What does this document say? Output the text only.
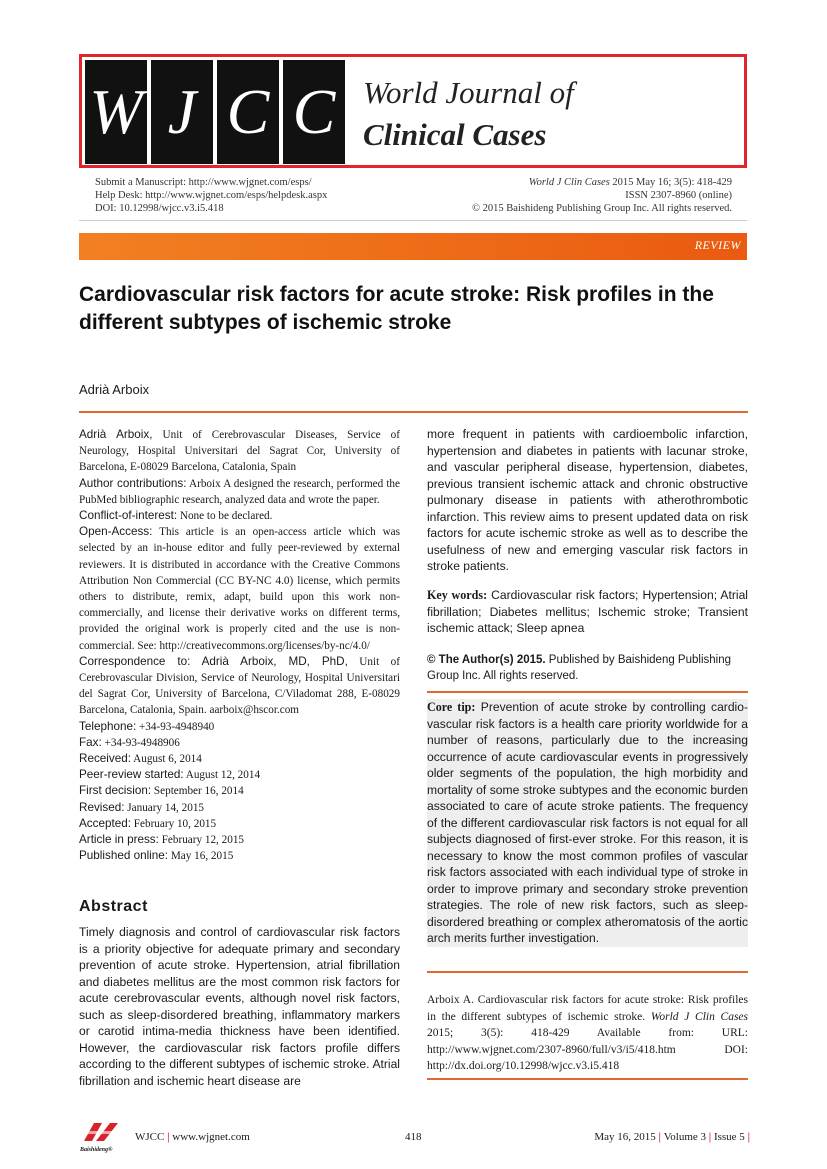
W J C C World Journal of
Clinical Cases
Submit a Manuscript: http://www.wjgnet.com/esps/
Help Desk: http://www.wjgnet.com/esps/helpdesk.aspx
DOI: 10.12998/wjcc.v3.i5.418
World J Clin Cases 2015 May 16; 3(5): 418-429
ISSN 2307-8960 (online)
© 2015 Baishideng Publishing Group Inc. All rights reserved.
REVIEW
Cardiovascular risk factors for acute stroke: Risk profiles in the different subtypes of ischemic stroke
Adrià Arboix
Adrià Arboix, Unit of Cerebrovascular Diseases, Service of Neurology, Hospital Universitari del Sagrat Cor, University of Barcelona, E-08029 Barcelona, Catalonia, Spain
Author contributions: Arboix A designed the research, performed the PubMed bibliographic research, analyzed data and wrote the paper.
Conflict-of-interest: None to be declared.
Open-Access: This article is an open-access article which was selected by an in-house editor and fully peer-reviewed by external reviewers. It is distributed in accordance with the Creative Commons Attribution Non Commercial (CC BY-NC 4.0) license, which permits others to distribute, remix, adapt, build upon this work non-commercially, and license their derivative works on different terms, provided the original work is properly cited and the use is non-commercial. See: http://creativecommons.org/licenses/by-nc/4.0/
Correspondence to: Adrià Arboix, MD, PhD, Unit of Cerebrovascular Division, Service of Neurology, Hospital Universitari del Sagrat Cor, University of Barcelona, C/Viladomat 288, E-08029 Barcelona, Catalonia, Spain. aarboix@hscor.com
Telephone: +34-93-4948940
Fax: +34-93-4948906
Received: August 6, 2014
Peer-review started: August 12, 2014
First decision: September 16, 2014
Revised: January 14, 2015
Accepted: February 10, 2015
Article in press: February 12, 2015
Published online: May 16, 2015
Abstract
Timely diagnosis and control of cardiovascular risk factors is a priority objective for adequate primary and secondary prevention of acute stroke. Hypertension, atrial fibrillation and diabetes mellitus are the most common risk factors for acute cerebrovascular events, although novel risk factors, such as sleep-disordered breathing, inflammatory markers or carotid intima-media thickness have been identified. However, the cardiovascular risk factors profile differs according to the different subtypes of ischemic stroke. Atrial fibrillation and ischemic heart disease are
more frequent in patients with cardioembolic infarction, hypertension and diabetes in patients with lacunar stroke, and vascular peripheral disease, hypertension, diabetes, previous transient ischemic attack and chronic obstructive pulmonary disease in patients with atherothrombotic infarction. This review aims to present updated data on risk factors for acute ischemic stroke as well as to describe the usefulness of new and emerging vascular risk factors in stroke patients.
Key words: Cardiovascular risk factors; Hypertension; Atrial fibrillation; Diabetes mellitus; Ischemic stroke; Transient ischemic attack; Sleep apnea
© The Author(s) 2015. Published by Baishideng Publishing Group Inc. All rights reserved.
Core tip: Prevention of acute stroke by controlling cardio-vascular risk factors is a health care priority worldwide for a number of reasons, particularly due to the increasing occurrence of acute cardiovascular events in progressively older segments of the population, the high morbidity and mortality of some stroke subtypes and the economic burden associated to care of acute stroke patients. The frequency of the different cardiovascular risk factors is not equal for all subjects diagnosed of first-ever stroke. For this reason, it is necessary to know the most common profiles of vascular risk factors associated with each individual type of stroke in order to improve primary and secondary stroke prevention strategies. The role of new risk factors, such as sleep-disordered breathing or complex atheromatosis of the aortic arch merits further investigation.
Arboix A. Cardiovascular risk factors for acute stroke: Risk profiles in the different subtypes of ischemic stroke. World J Clin Cases 2015; 3(5): 418-429 Available from: URL: http://www.wjgnet.com/2307-8960/full/v3/i5/418.htm DOI: http://dx.doi.org/10.12998/wjcc.v3.i5.418
Baishideng®
WJCC | www.wjgnet.com	418	May 16, 2015 | Volume 3 | Issue 5 |
